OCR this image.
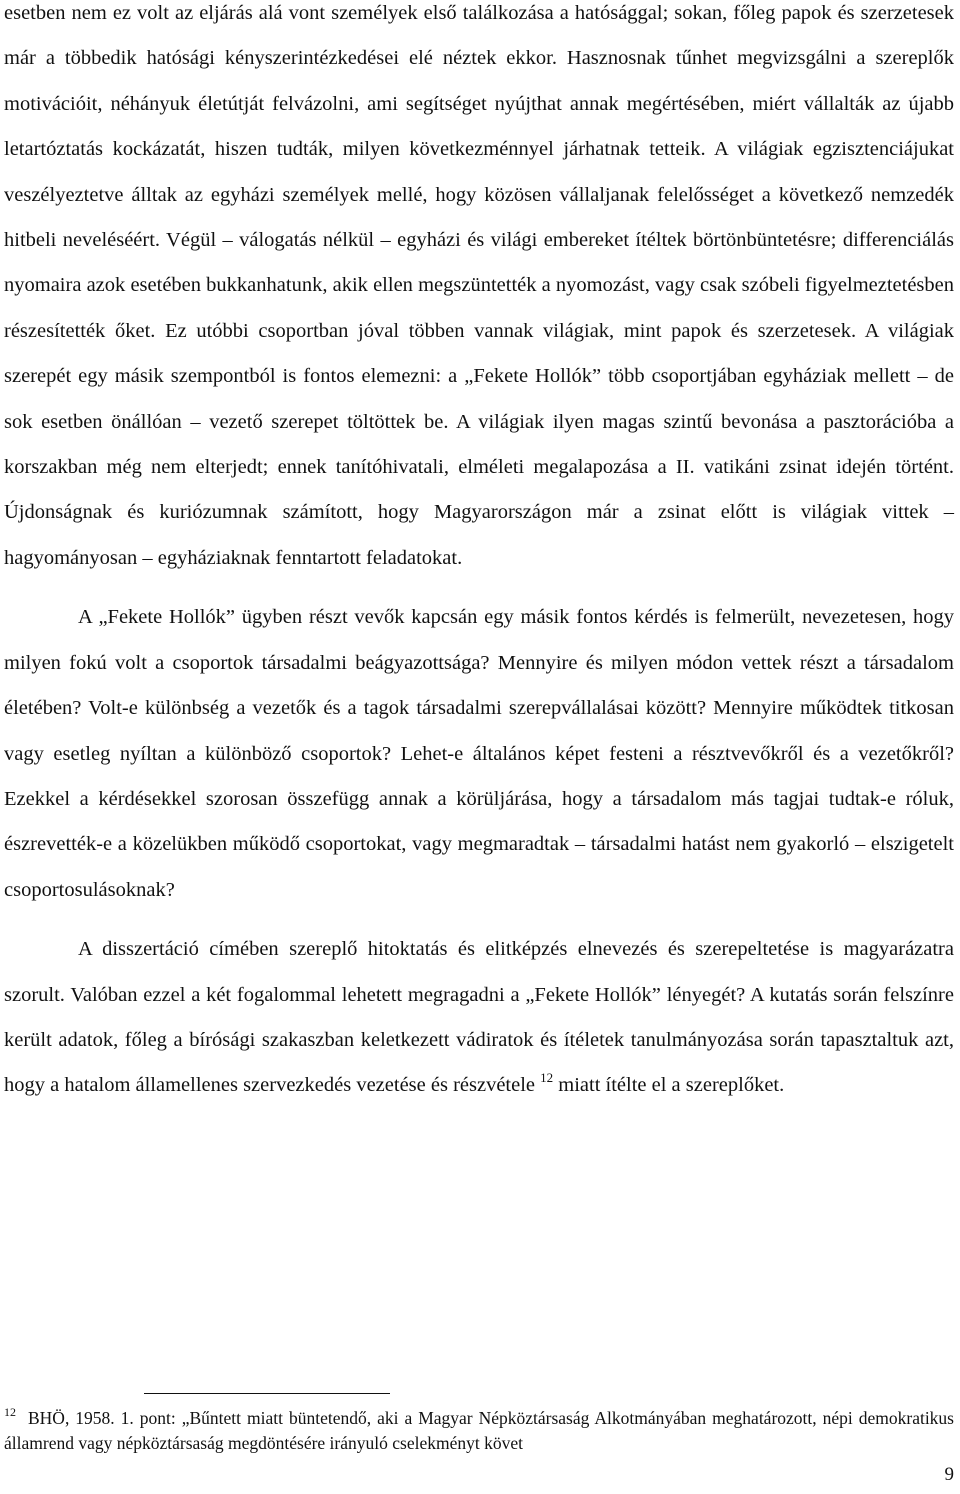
esetben nem ez volt az eljárás alá vont személyek első találkozása a hatósággal; sokan, főleg papok és szerzetesek már a többedik hatósági kényszerintézkedései elé néztek ekkor. Hasznosnak tűnhet megvizsgálni a szereplők motivációit, néhányuk életútját felvázolni, ami segítséget nyújthat annak megértésében, miért vállalták az újabb letartóztatás kockázatát, hiszen tudták, milyen következménnyel járhatnak tetteik. A világiak egzisztenciájukat veszélyeztetve álltak az egyházi személyek mellé, hogy közösen vállaljanak felelősséget a következő nemzedék hitbeli neveléséért. Végül – válogatás nélkül – egyházi és világi embereket ítéltek börtönbüntetésre; differenciálás nyomaira azok esetében bukkanhatunk, akik ellen megszüntették a nyomozást, vagy csak szóbeli figyelmeztetésben részesítették őket. Ez utóbbi csoportban jóval többen vannak világiak, mint papok és szerzetesek. A világiak szerepét egy másik szempontból is fontos elemezni: a „Fekete Hollók” több csoportjában egyháziak mellett – de sok esetben önállóan – vezető szerepet töltöttek be. A világiak ilyen magas szintű bevonása a pasztorációba a korszakban még nem elterjedt; ennek tanítóhivatali, elméleti megalapozása a II. vatikáni zsinat idején történt. Újdonságnak és kuriózumnak számított, hogy Magyarországon már a zsinat előtt is világiak vittek – hagyományosan – egyháziaknak fenntartott feladatokat.

A „Fekete Hollók” ügyben részt vevők kapcsán egy másik fontos kérdés is felmerült, nevezetesen, hogy milyen fokú volt a csoportok társadalmi beágyazottsága? Mennyire és milyen módon vettek részt a társadalom életében? Volt-e különbség a vezetők és a tagok társadalmi szerepvállalásai között? Mennyire működtek titkosan vagy esetleg nyíltan a különböző csoportok? Lehet-e általános képet festeni a résztvevőkről és a vezetőkről? Ezekkel a kérdésekkel szorosan összefügg annak a körüljárása, hogy a társadalom más tagjai tudtak-e róluk, észrevették-e a közelükben működő csoportokat, vagy megmaradtak – társadalmi hatást nem gyakorló – elszigetelt csoportosulásoknak?

A disszertáció címében szereplő hitoktatás és elitképzés elnevezés és szerepeltetése is magyarázatra szorult. Valóban ezzel a két fogalommal lehetett megragadni a „Fekete Hollók” lényegét? A kutatás során felszínre került adatok, főleg a bírósági szakaszban keletkezett vádiratok és ítéletek tanulmányozása során tapasztaltuk azt, hogy a hatalom államellenes szervezkedés vezetése és részvétele $^{12}$ miatt ítélte el a szereplőket.

$^{12}$ BHÖ, 1958. 1. pont: „Bűntett miatt büntetendő, aki a Magyar Népköztársaság Alkotmányában meghatározott, népi demokratikus államrend vagy népköztársaság megdöntésére irányuló cselekményt követ

9
